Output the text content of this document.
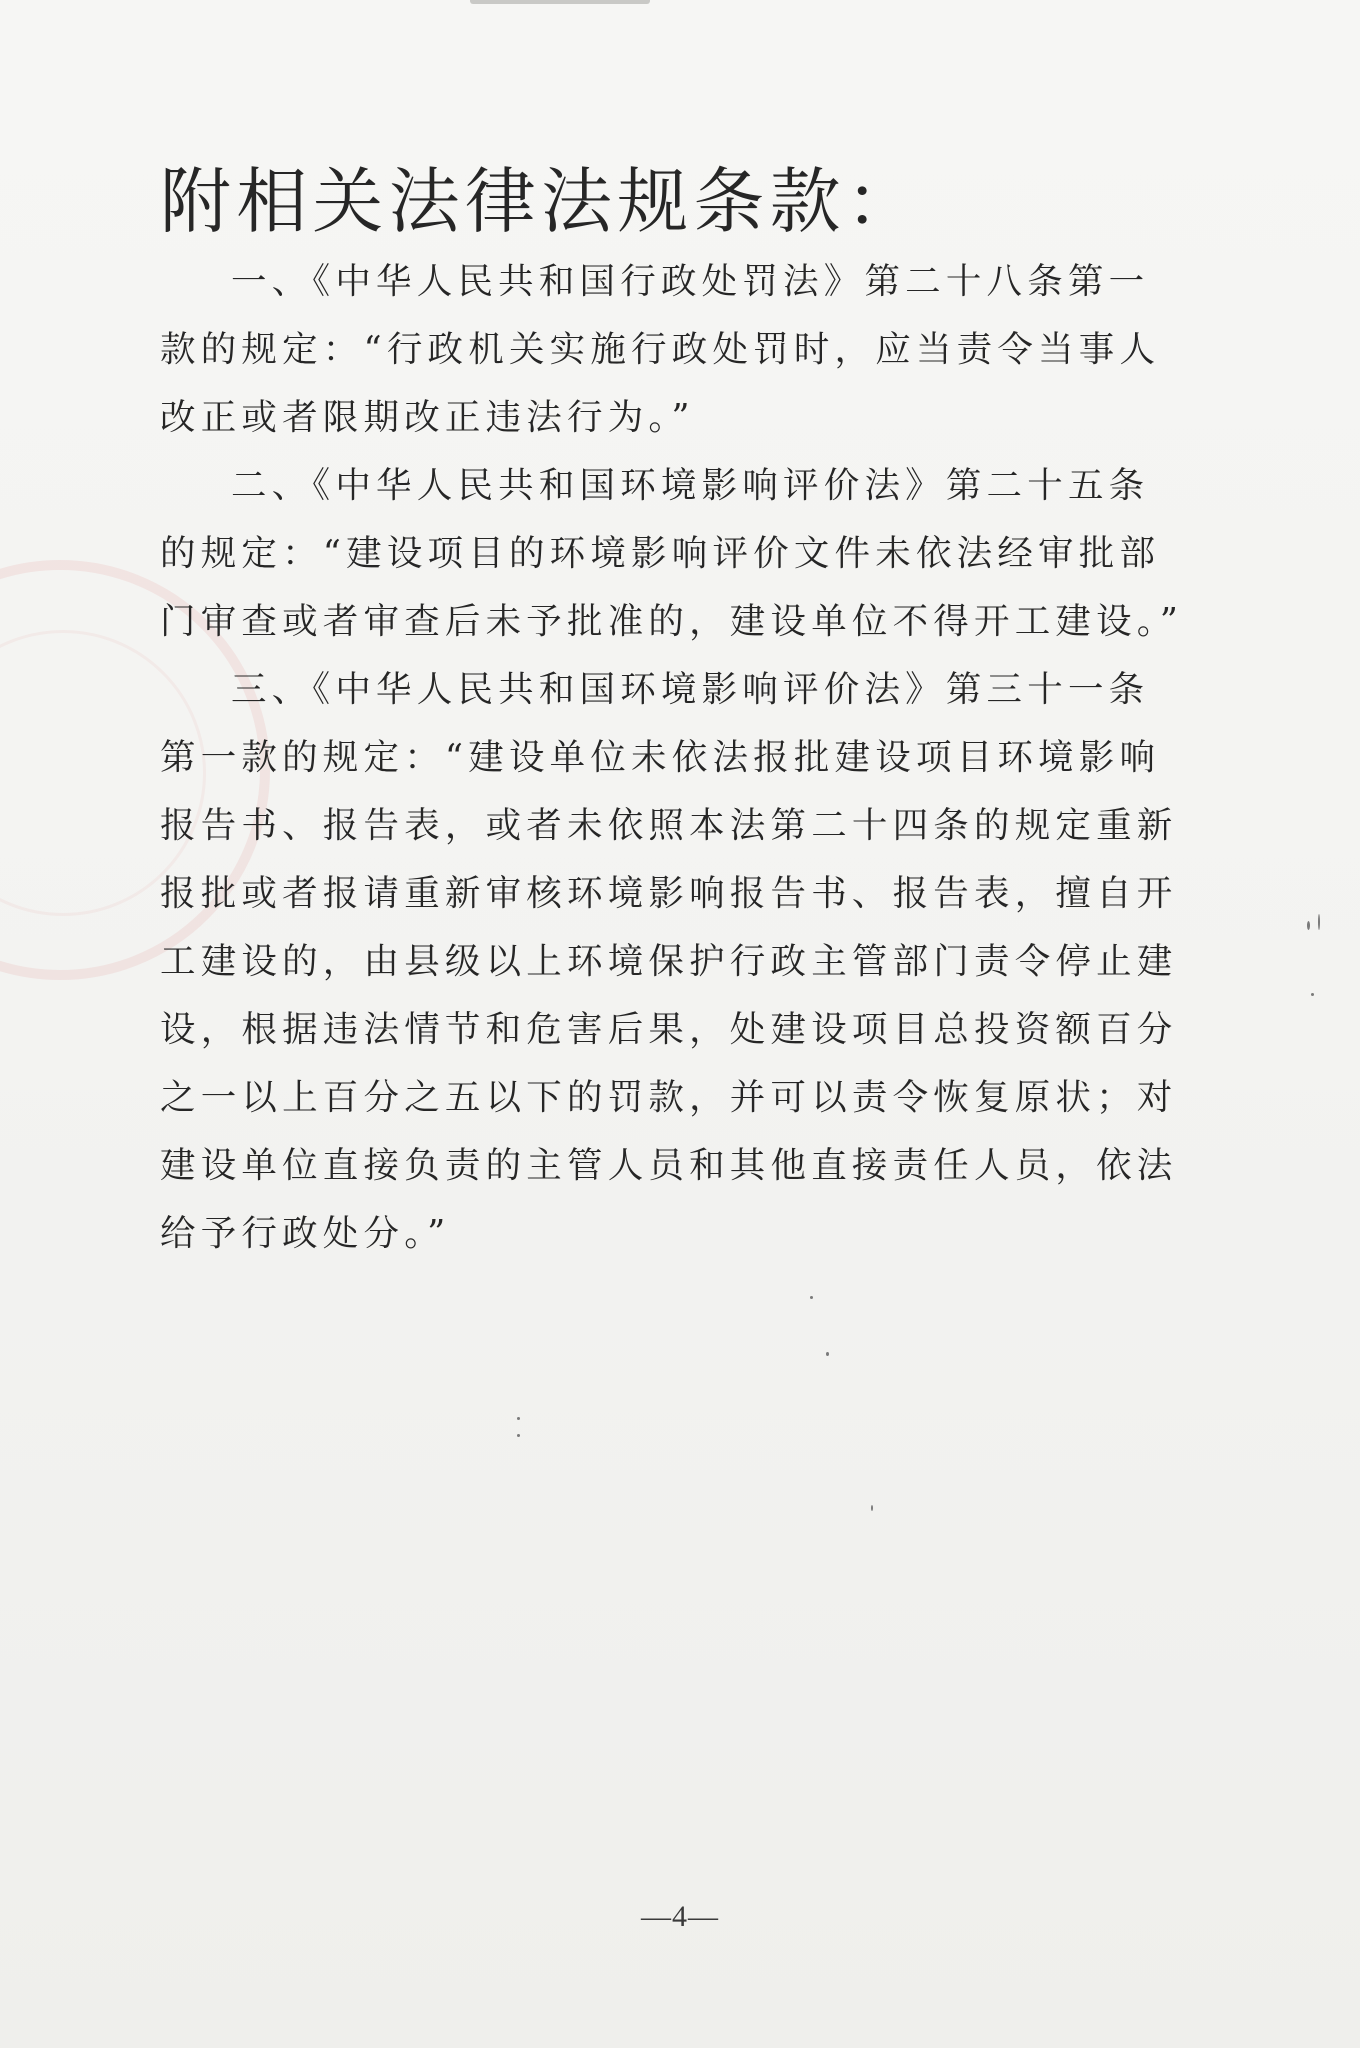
附相关法律法规条款：

一、《中华人民共和国行政处罚法》第二十八条第一款的规定：“行政机关实施行政处罚时，应当责令当事人改正或者限期改正违法行为。”

二、《中华人民共和国环境影响评价法》第二十五条的规定：“建设项目的环境影响评价文件未依法经审批部门审查或者审查后未予批准的，建设单位不得开工建设。”

三、《中华人民共和国环境影响评价法》第三十一条第一款的规定：“建设单位未依法报批建设项目环境影响报告书、报告表，或者未依照本法第二十四条的规定重新报批或者报请重新审核环境影响报告书、报告表，擅自开工建设的，由县级以上环境保护行政主管部门责令停止建设，根据违法情节和危害后果，处建设项目总投资额百分之一以上百分之五以下的罚款，并可以责令恢复原状；对建设单位直接负责的主管人员和其他直接责任人员，依法给予行政处分。”

—4—
